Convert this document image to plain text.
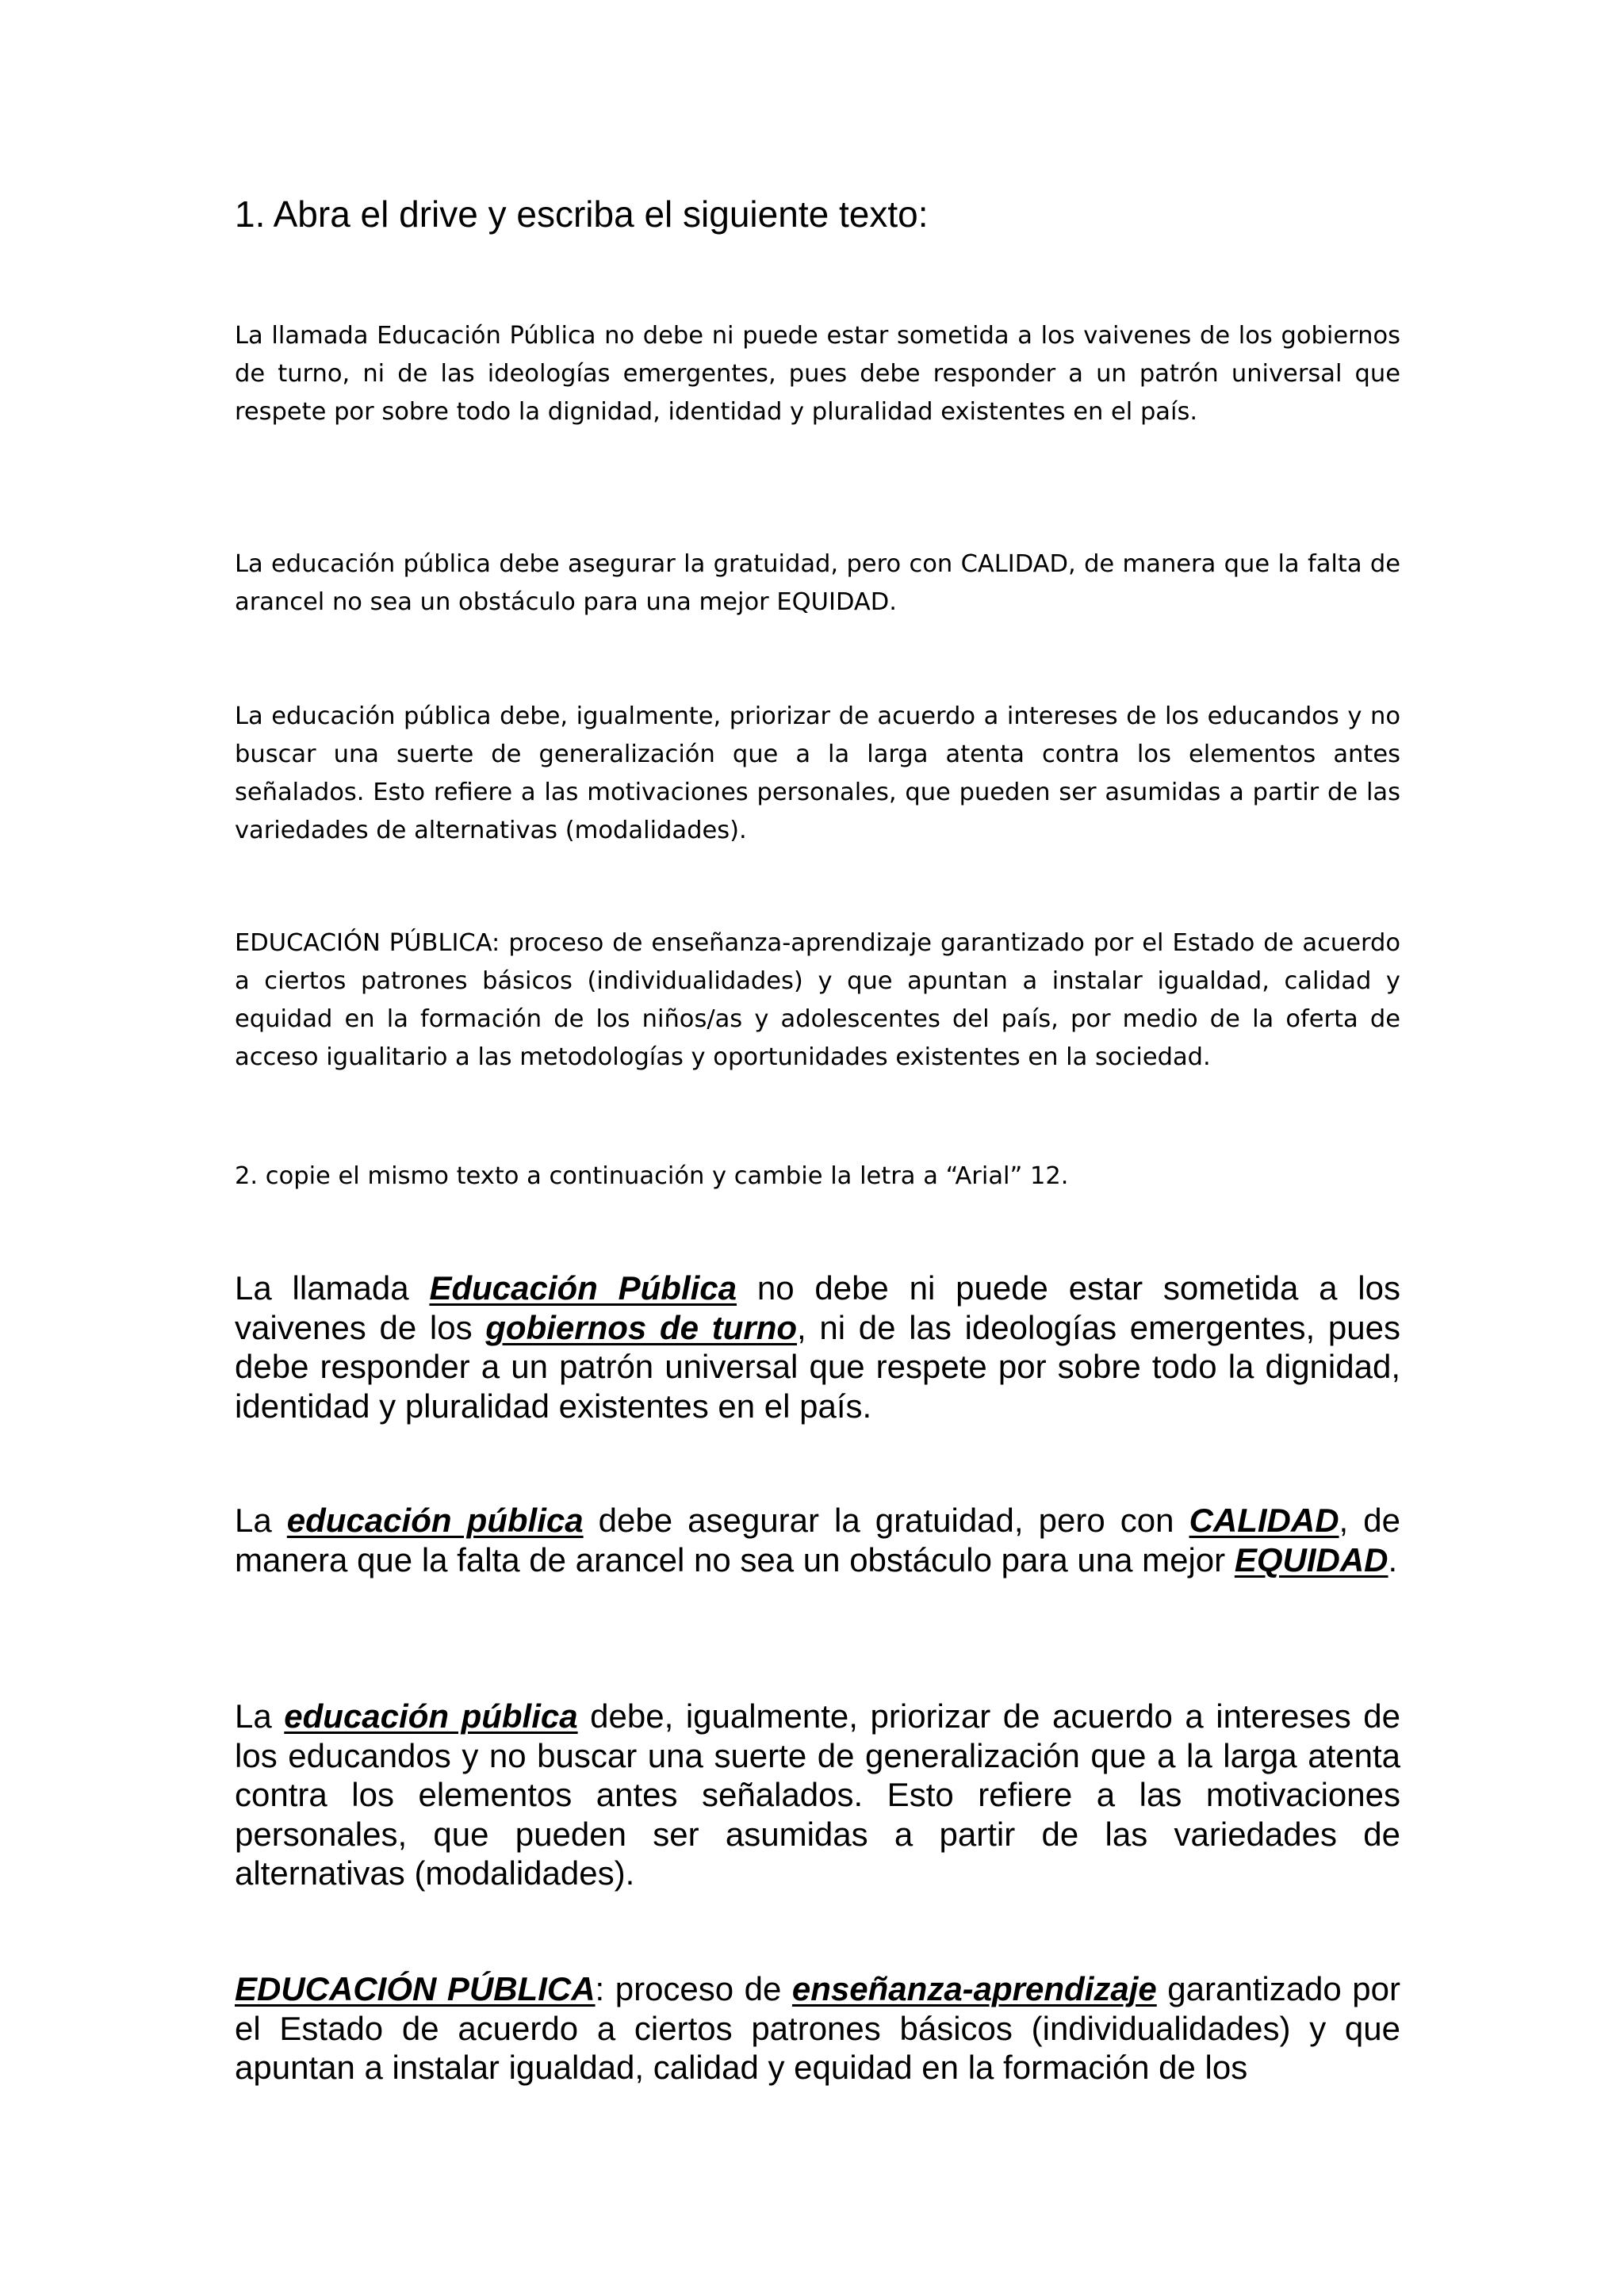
1. Abra el drive y escriba el siguiente texto:

La llamada Educación Pública no debe ni puede estar sometida a los vaivenes de los gobiernos de turno, ni de las ideologías emergentes, pues debe responder a un patrón universal que respete por sobre todo la dignidad, identidad y pluralidad existentes en el país.

La educación pública debe asegurar la gratuidad, pero con CALIDAD, de manera que la falta de arancel no sea un obstáculo para una mejor EQUIDAD.

La educación pública debe, igualmente, priorizar de acuerdo a intereses de los educandos y no buscar una suerte de generalización que a la larga atenta contra los elementos antes señalados. Esto refiere a las motivaciones personales, que pueden ser asumidas a partir de las variedades de alternativas (modalidades).

EDUCACIÓN PÚBLICA: proceso de enseñanza-aprendizaje garantizado por el Estado de acuerdo a ciertos patrones básicos (individualidades) y que apuntan a instalar igualdad, calidad y equidad en la formación de los niños/as y adolescentes del país, por medio de la oferta de acceso igualitario a las metodologías y oportunidades existentes en la sociedad.

2. copie el mismo texto a continuación y cambie la letra a “Arial” 12.

La llamada Educación Pública no debe ni puede estar sometida a los vaivenes de los gobiernos de turno, ni de las ideologías emergentes, pues debe responder a un patrón universal que respete por sobre todo la dignidad, identidad y pluralidad existentes en el país.

La educación pública debe asegurar la gratuidad, pero con CALIDAD, de manera que la falta de arancel no sea un obstáculo para una mejor EQUIDAD.

La educación pública debe, igualmente, priorizar de acuerdo a intereses de los educandos y no buscar una suerte de generalización que a la larga atenta contra los elementos antes señalados. Esto refiere a las motivaciones personales, que pueden ser asumidas a partir de las variedades de alternativas (modalidades).

EDUCACIÓN PÚBLICA: proceso de enseñanza-aprendizaje garantizado por el Estado de acuerdo a ciertos patrones básicos (individualidades) y que apuntan a instalar igualdad, calidad y equidad en la formación de los
